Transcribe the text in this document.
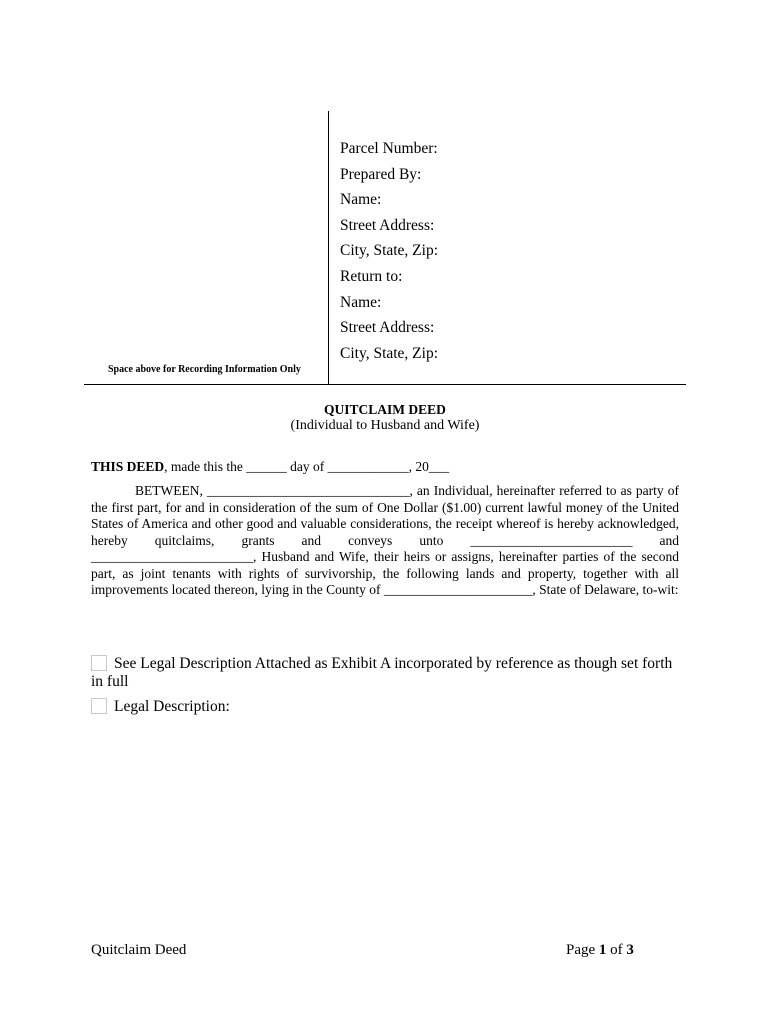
Parcel Number:
Prepared By:
Name:
Street Address:
City, State, Zip:
Return to:
Name:
Street Address:
City, State, Zip:
Space above for Recording Information Only
QUITCLAIM DEED
(Individual to Husband and Wife)
THIS DEED, made this the ______ day of ____________, 20___
BETWEEN, ______________________________, an Individual, hereinafter referred to as party of the first part, for and in consideration of the sum of One Dollar ($1.00) current lawful money of the United States of America and other good and valuable considerations, the receipt whereof is hereby acknowledged, hereby quitclaims, grants and conveys unto ________________________ and ________________________, Husband and Wife, their heirs or assigns, hereinafter parties of the second part, as joint tenants with rights of survivorship, the following lands and property, together with all improvements located thereon, lying in the County of ______________________, State of Delaware, to-wit:
See Legal Description Attached as Exhibit A incorporated by reference as though set forth in full
Legal Description:
Quitclaim Deed	Page 1 of 3
